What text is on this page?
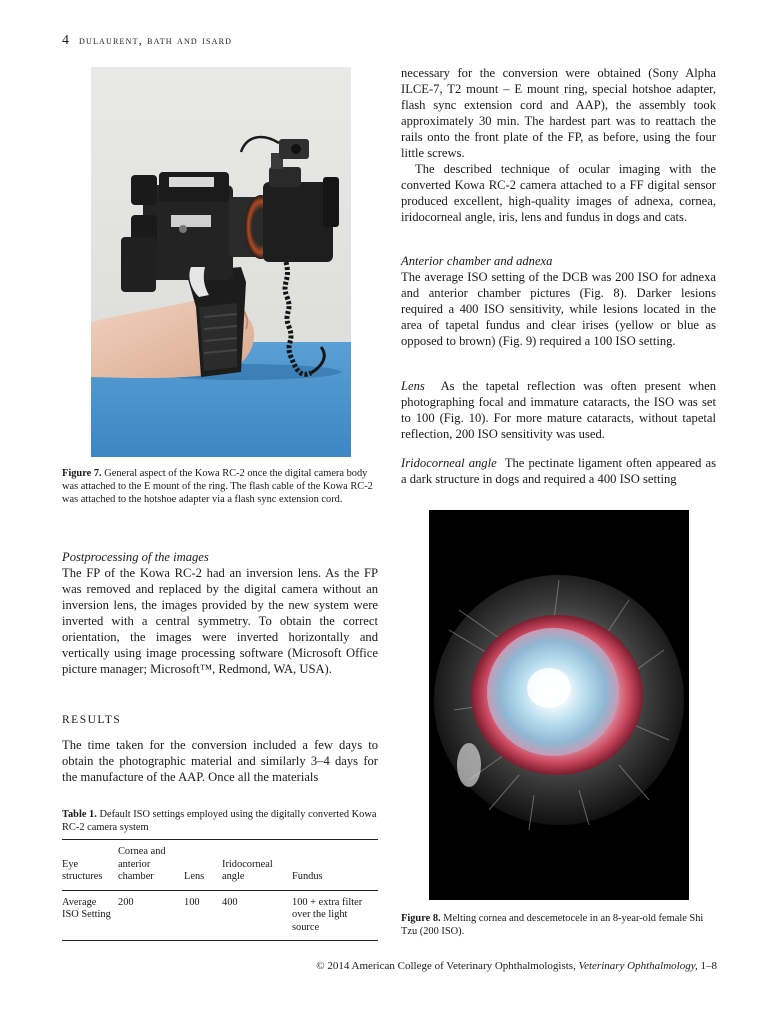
4 dulaurent, bath and isard

Figure 7. General aspect of the Kowa RC-2 once the digital camera body was attached to the E mount of the ring. The flash cable of the Kowa RC-2 was attached to the hotshoe adapter via a flash sync extension cord.

Postprocessing of the images

The FP of the Kowa RC-2 had an inversion lens. As the FP was removed and replaced by the digital camera without an inversion lens, the images provided by the new system were inverted with a central symmetry. To obtain the correct orientation, the images were inverted horizontally and vertically using image processing software (Microsoft Office picture manager; Microsoft™, Redmond, WA, USA).

RESULTS

The time taken for the conversion included a few days to obtain the photographic material and similarly 3–4 days for the manufacture of the AAP. Once all the materials

Table 1. Default ISO settings employed using the digitally converted Kowa RC-2 camera system
Eye structures	Cornea and anterior chamber	Lens	Iridocorneal angle	Fundus
Average ISO Setting	200	100	400	100 + extra filter over the light source

necessary for the conversion were obtained (Sony Alpha ILCE-7, T2 mount – E mount ring, special hotshoe adapter, flash sync extension cord and AAP), the assembly took approximately 30 min. The hardest part was to reattach the rails onto the front plate of the FP, as before, using the four little screws.

The described technique of ocular imaging with the converted Kowa RC-2 camera attached to a FF digital sensor produced excellent, high-quality images of adnexa, cornea, iridocorneal angle, iris, lens and fundus in dogs and cats.

Anterior chamber and adnexa

The average ISO setting of the DCB was 200 ISO for adnexa and anterior chamber pictures (Fig. 8). Darker lesions required a 400 ISO sensitivity, while lesions located in the area of tapetal fundus and clear irises (yellow or blue as opposed to brown) (Fig. 9) required a 100 ISO setting.

Lens As the tapetal reflection was often present when photographing focal and immature cataracts, the ISO was set to 100 (Fig. 10). For more mature cataracts, without tapetal reflection, 200 ISO sensitivity was used.

Iridocorneal angle The pectinate ligament often appeared as a dark structure in dogs and required a 400 ISO setting

Figure 8. Melting cornea and descemetocele in an 8-year-old female Shi Tzu (200 ISO).

© 2014 American College of Veterinary Ophthalmologists, Veterinary Ophthalmology, 1–8
